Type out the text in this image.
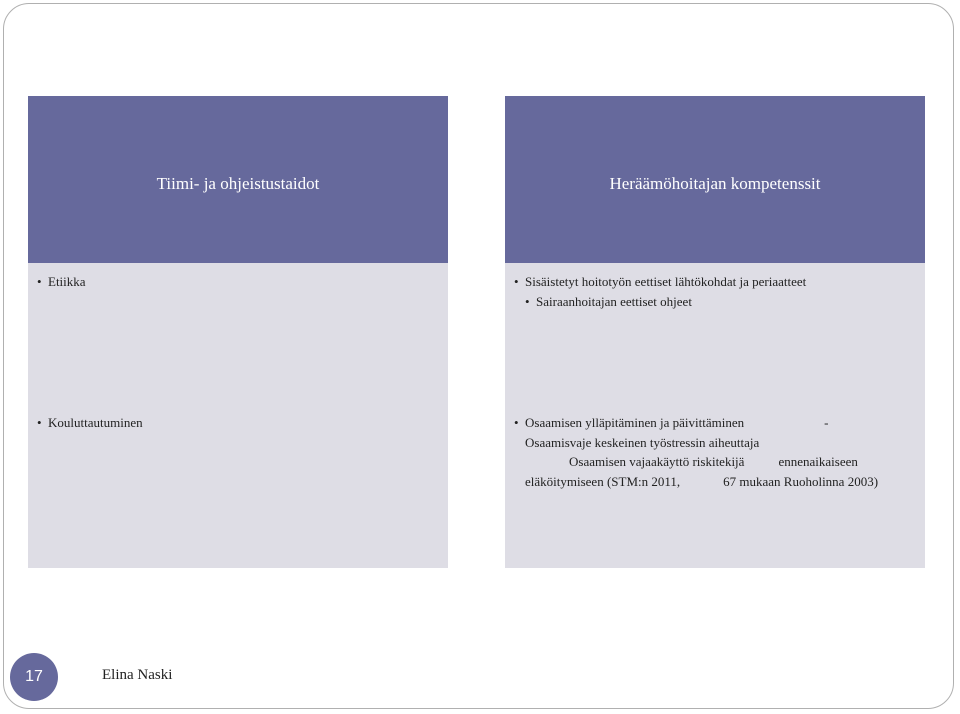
Tiimi- ja ohjeistustaidot
• Etiikka
• Kouluttautuminen
Heräämöhoitajan kompetenssit
• Sisäistetyt hoitotyön eettiset lähtökohdat ja periaatteet
• Sairaanhoitajan eettiset ohjeet
• Osaamisen ylläpitäminen ja päivittäminen	-
Osaamisvaje keskeinen työstressin aiheuttaja
Osaamisen vajaakäyttö riskitekijä	ennenaikaiseen
eläköitymiseen (STM:n 2011,	67 mukaan Ruoholinna 2003)
17	Elina Naski
